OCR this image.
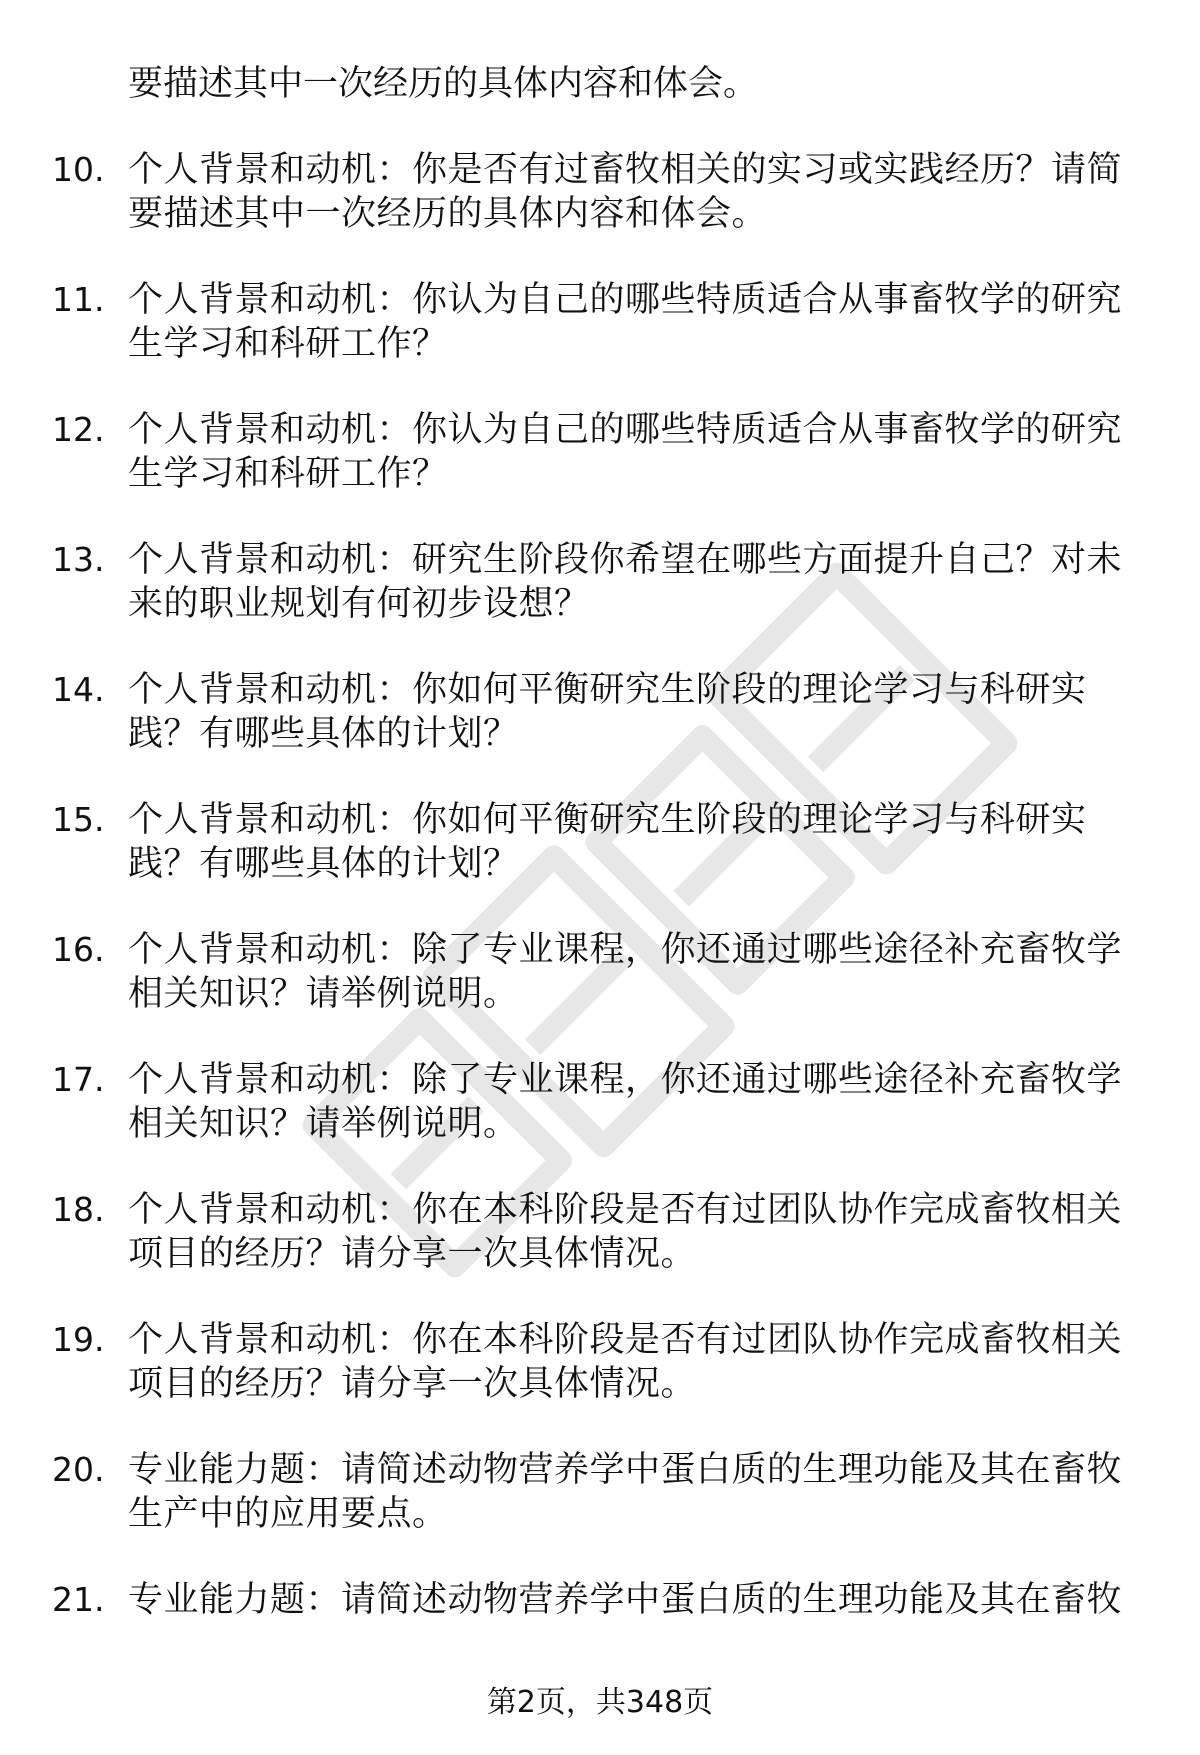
要描述其中一次经历的具体内容和体会。
10. 个人背景和动机：你是否有过畜牧相关的实习或实践经历？请简要描述其中一次经历的具体内容和体会。
11. 个人背景和动机：你认为自己的哪些特质适合从事畜牧学的研究生学习和科研工作？
12. 个人背景和动机：你认为自己的哪些特质适合从事畜牧学的研究生学习和科研工作？
13. 个人背景和动机：研究生阶段你希望在哪些方面提升自己？对未来的职业规划有何初步设想？
14. 个人背景和动机：你如何平衡研究生阶段的理论学习与科研实践？有哪些具体的计划？
15. 个人背景和动机：你如何平衡研究生阶段的理论学习与科研实践？有哪些具体的计划？
16. 个人背景和动机：除了专业课程，你还通过哪些途径补充畜牧学相关知识？请举例说明。
17. 个人背景和动机：除了专业课程，你还通过哪些途径补充畜牧学相关知识？请举例说明。
18. 个人背景和动机：你在本科阶段是否有过团队协作完成畜牧相关项目的经历？请分享一次具体情况。
19. 个人背景和动机：你在本科阶段是否有过团队协作完成畜牧相关项目的经历？请分享一次具体情况。
20. 专业能力题：请简述动物营养学中蛋白质的生理功能及其在畜牧生产中的应用要点。
21. 专业能力题：请简述动物营养学中蛋白质的生理功能及其在畜牧
第2页，共348页
